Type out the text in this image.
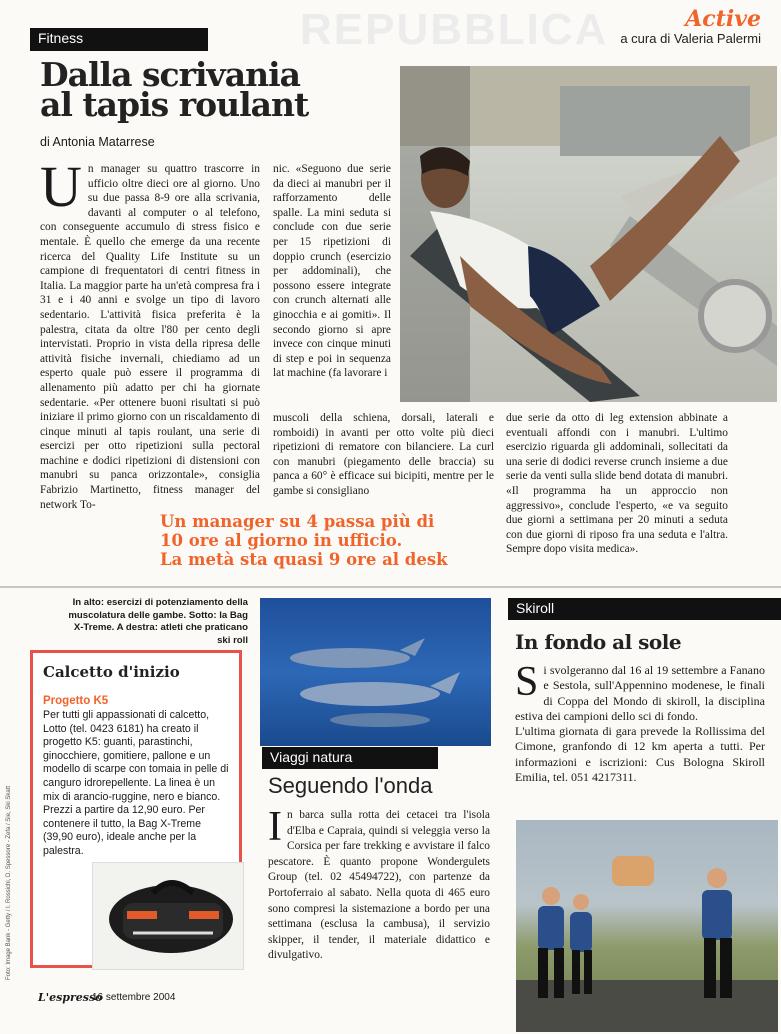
REPUBBLICA
Fitness
Active
a cura di Valeria Palermi
Dalla scrivania
al tapis roulant
di Antonia Matarrese

Un manager su quattro trascorre in ufficio oltre dieci ore al giorno. Uno su due passa 8-9 ore alla scrivania, davanti al computer o al telefono, con conseguente accumulo di stress fisico e mentale. È quello che emerge da una recente ricerca del Quality Life Institute su un campione di frequentatori di centri fitness in Italia. La maggior parte ha un'età compresa fra i 31 e i 40 anni e svolge un tipo di lavoro sedentario. L'attività fisica preferita è la palestra, citata da oltre l'80 per cento degli intervistati. Proprio in vista della ripresa delle attività fisiche invernali, chiediamo ad un esperto quale può essere il programma di allenamento più adatto per chi ha giornate sedentarie. «Per ottenere buoni risultati si può iniziare il primo giorno con un riscaldamento di cinque minuti al tapis roulant, una serie di esercizi per otto ripetizioni sulla pectoral machine e dodici ripetizioni di distensioni con manubri su panca orizzontale», consiglia Fabrizio Martinetto, fitness manager del network To-

nic. «Seguono due serie da dieci ai manubri per il rafforzamento delle spalle. La mini seduta si conclude con due serie per 15 ripetizioni di doppio crunch (esercizio per addominali), che possono essere integrate con crunch alternati alle ginocchia e ai gomiti». Il secondo giorno si apre invece con cinque minuti di step e poi in sequenza lat machine (fa lavorare i

muscoli della schiena, dorsali, laterali e romboidi) in avanti per otto volte più dieci ripetizioni di rematore con bilanciere. La curl con manubri (piegamento delle braccia) su panca a 60° è efficace sui bicipiti, mentre per le gambe si consigliano

due serie da otto di leg extension abbinate a eventuali affondi con i manubri. L'ultimo esercizio riguarda gli addominali, sollecitati da una serie di dodici reverse crunch insieme a due serie da venti sulla slide bend dotata di manubri. «Il programma ha un approccio non aggressivo», conclude l'esperto, «e va seguito due giorni a settimana per 20 minuti a seduta con due giorni di riposo fra una seduta e l'altra. Sempre dopo visita medica».

Un manager su 4 passa più di
10 ore al giorno in ufficio.
La metà sta quasi 9 ore al desk
In alto: esercizi di potenziamento della muscolatura delle gambe. Sotto: la Bag X-Treme. A destra: atleti che praticano ski roll
Calcetto d'inizio
Progetto K5
Per tutti gli appassionati di calcetto, Lotto (tel. 0423 6181) ha creato il progetto K5: guanti, parastinchi, ginocchiere, gomitiere, pallone e un modello di scarpe con tomaia in pelle di canguro idrorepellente. La linea è un mix di arancio-ruggine, nero e bianco. Prezzi a partire da 12,90 euro. Per contenere il tutto, la Bag X-Treme (39,90 euro), ideale anche per la palestra.
Viaggi natura
Seguendo l'onda

In barca sulla rotta dei cetacei tra l'isola d'Elba e Capraia, quindi si veleggia verso la Corsica per fare trekking e avvistare il falco pescatore. È quanto propone Wondergulets Group (tel. 02 45494722), con partenze da Portoferraio al sabato. Nella quota di 465 euro sono compresi la sistemazione a bordo per una settimana (esclusa la cambusa), il servizio skipper, il tender, il materiale didattico e divulgativo.

Skiroll
In fondo al sole

Si svolgeranno dal 16 al 19 settembre a Fanano e Sestola, sull'Appennino modenese, le finali di Coppa del Mondo di skiroll, la disciplina estiva dei campioni dello sci di fondo.

L'ultima giornata di gara prevede la Rollissima del Cimone, granfondo di 12 km aperta a tutti. Per informazioni e iscrizioni: Cus Bologna Skiroll Emilia, tel. 051 4217311.

L'espresso
16 settembre 2004
Foto: Image Bank - Getty / I. Rossichi, D. Spessore - Zefa / Sie, Ski Skatt
